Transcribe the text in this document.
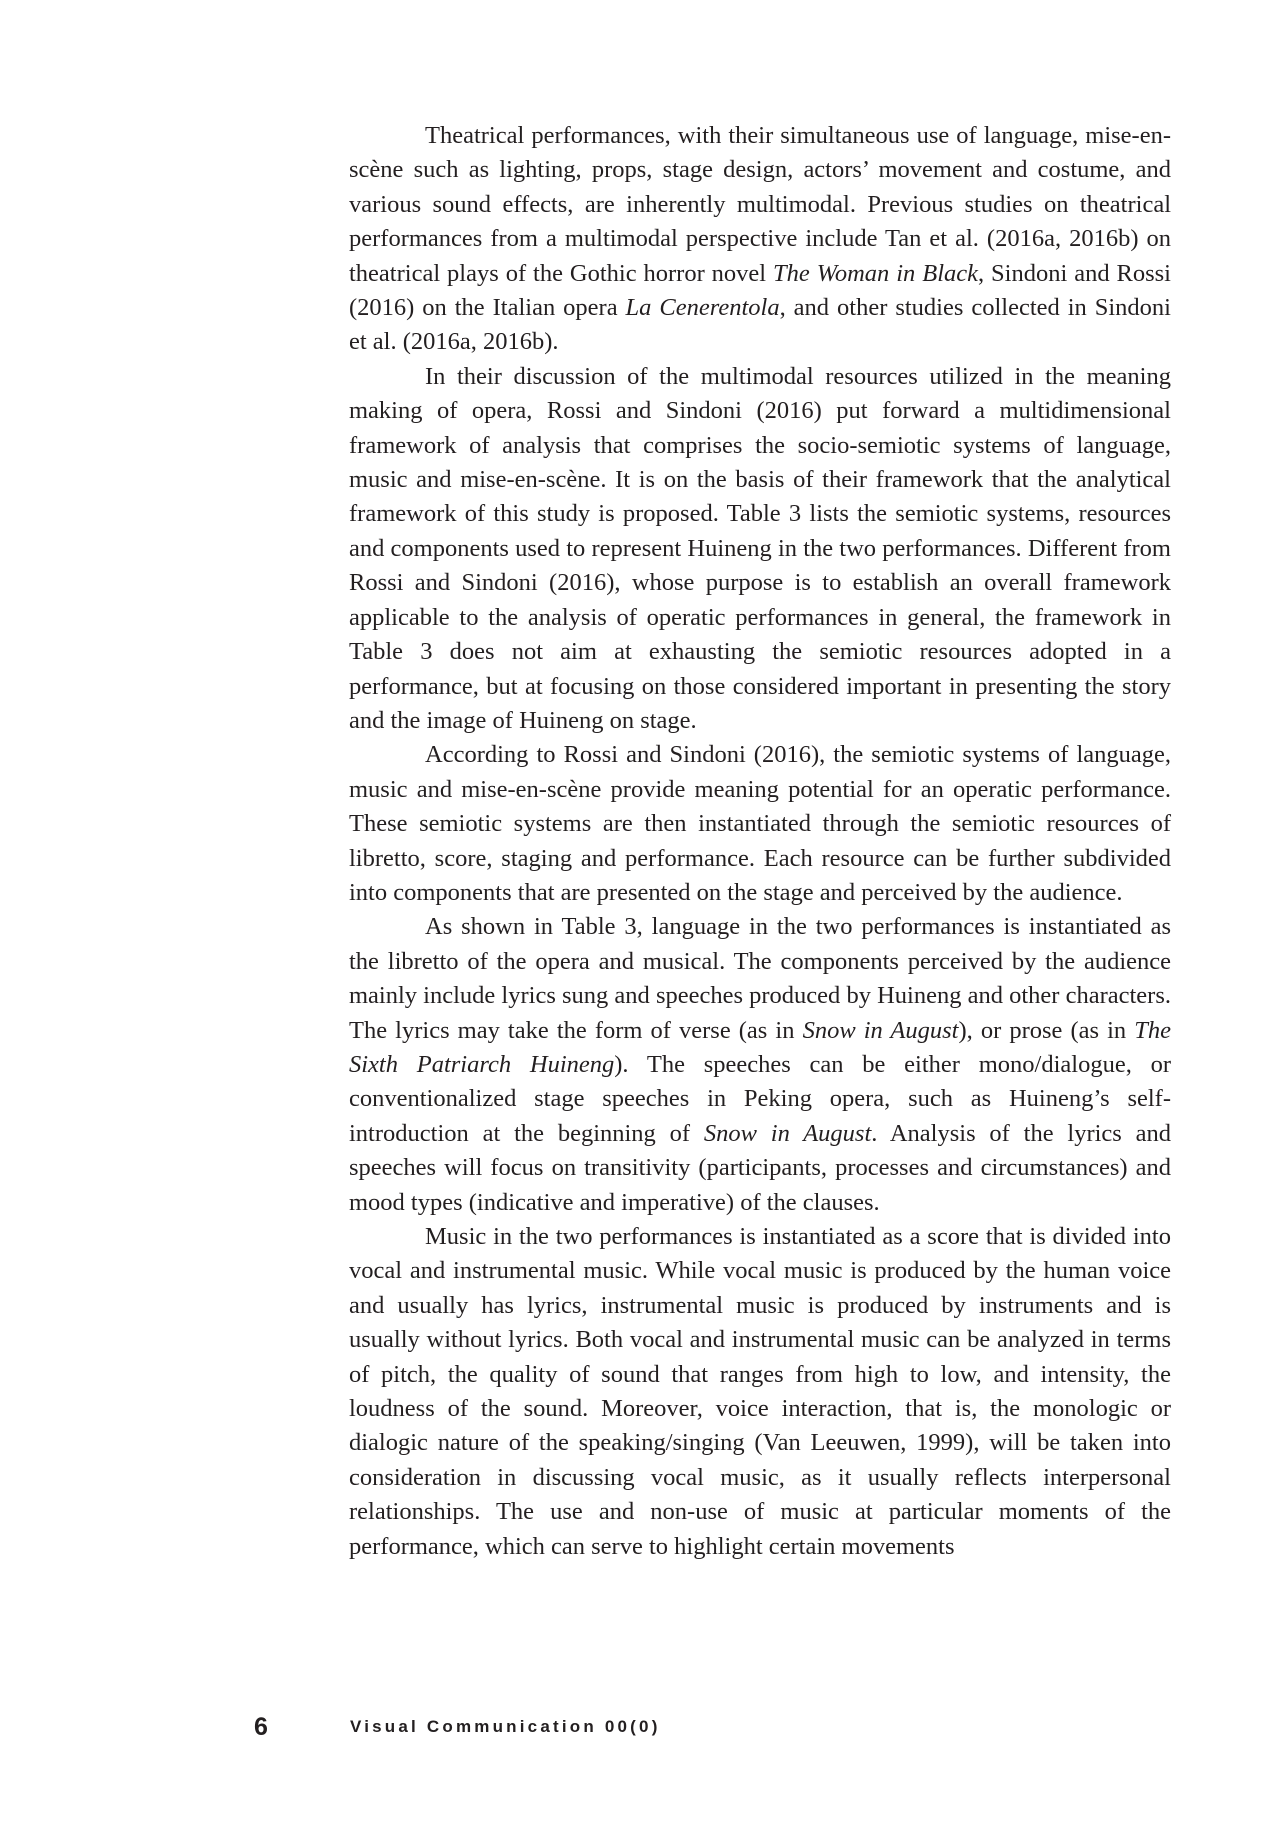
Theatrical performances, with their simultaneous use of language, mise-en-scène such as lighting, props, stage design, actors’ movement and costume, and various sound effects, are inherently multimodal. Previous studies on theatrical performances from a multimodal perspective include Tan et al. (2016a, 2016b) on theatrical plays of the Gothic horror novel The Woman in Black, Sindoni and Rossi (2016) on the Italian opera La Cenerentola, and other studies collected in Sindoni et al. (2016a, 2016b).

In their discussion of the multimodal resources utilized in the meaning making of opera, Rossi and Sindoni (2016) put forward a multidimensional framework of analysis that comprises the socio-semiotic systems of language, music and mise-en-scène. It is on the basis of their framework that the analytical framework of this study is proposed. Table 3 lists the semiotic systems, resources and components used to represent Huineng in the two performances. Different from Rossi and Sindoni (2016), whose purpose is to establish an overall framework applicable to the analysis of operatic performances in general, the framework in Table 3 does not aim at exhausting the semiotic resources adopted in a performance, but at focusing on those considered important in presenting the story and the image of Huineng on stage.

According to Rossi and Sindoni (2016), the semiotic systems of language, music and mise-en-scène provide meaning potential for an operatic performance. These semiotic systems are then instantiated through the semiotic resources of libretto, score, staging and performance. Each resource can be further subdivided into components that are presented on the stage and perceived by the audience.

As shown in Table 3, language in the two performances is instantiated as the libretto of the opera and musical. The components perceived by the audience mainly include lyrics sung and speeches produced by Huineng and other characters. The lyrics may take the form of verse (as in Snow in August), or prose (as in The Sixth Patriarch Huineng). The speeches can be either mono/dialogue, or conventionalized stage speeches in Peking opera, such as Huineng’s self-introduction at the beginning of Snow in August. Analysis of the lyrics and speeches will focus on transitivity (participants, processes and circumstances) and mood types (indicative and imperative) of the clauses.

Music in the two performances is instantiated as a score that is divided into vocal and instrumental music. While vocal music is produced by the human voice and usually has lyrics, instrumental music is produced by instruments and is usually without lyrics. Both vocal and instrumental music can be analyzed in terms of pitch, the quality of sound that ranges from high to low, and intensity, the loudness of the sound. Moreover, voice interaction, that is, the monologic or dialogic nature of the speaking/singing (Van Leeuwen, 1999), will be taken into consideration in discussing vocal music, as it usually reflects interpersonal relationships. The use and non-use of music at particular moments of the performance, which can serve to highlight certain movements

6	Visual Communication 00(0)
